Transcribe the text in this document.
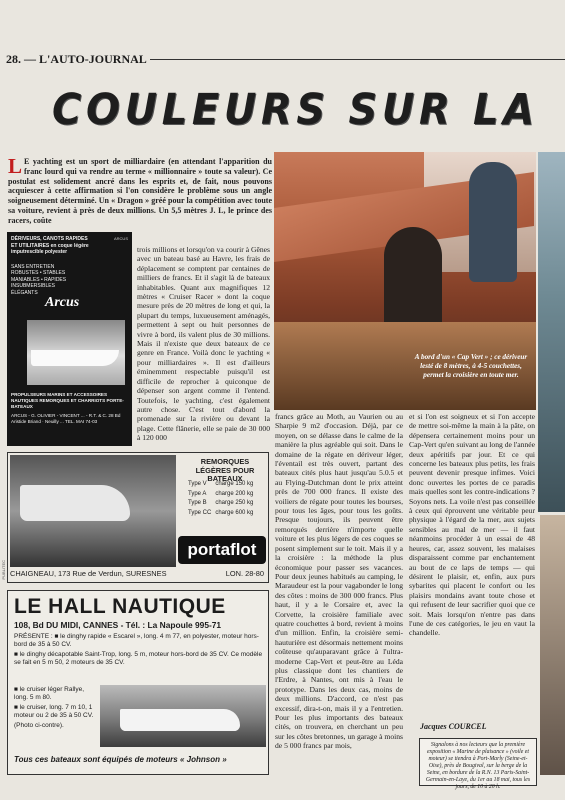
28. — L'AUTO-JOURNAL
COULEURS SUR LA
L E yachting est un sport de milliardaire (en attendant l'apparition du franc lourd qui va rendre au terme « millionnaire » toute sa valeur). Ce postulat est solidement ancré dans les esprits et, de fait, nous pouvons acquiescer à cette affirmation si l'on considère le problème sous un angle soigneusement déterminé. Un « Dragon » gréé pour la compétition avec toute sa voiture, revient à près de deux millions. Un 5,5 mètres J. L, le prince des racers, coûte
DÉRIVEURS, CANOTS RAPIDES ET UTILITAIRES en coque légère imputrescible polyester
ARCUS
SANS ENTRETIEN
ROBUSTES • STABLES
MANIABLES • RAPIDES
INSUBMERSIBLES
ÉLÉGANTS
Arcus
PROPULSEURS MARINS ET ACCESSOIRES NAUTIQUES REMORQUES ET CHARRIOTS PORTE-BATEAUX
ARCUS - G. OLIVIER - VINCENT ... - R.T. & C. 28 Bd Aristide Briand · Neuilly ... TEL. MAI 74-03
trois millions et lorsqu'on va courir à Gênes avec un bateau basé au Havre, les frais de déplacement se comptent par centaines de milliers de francs. Et il s'agit là de bateaux inhabitables. Quant aux magnifiques 12 mètres « Cruiser Racer » dont la coque mesure près de 20 mètres de long et qui, la plupart du temps, luxueusement aménagés, permettent à sept ou huit personnes de vivre à bord, ils valent plus de 30 millions. Mais il n'existe que deux bateaux de ce genre en France. Voilà donc le yachting « pour milliardaires ». Il est d'ailleurs éminemment respectable puisqu'il est difficile de reprocher à quiconque de dépenser son argent comme il l'entend. Toutefois, le yachting, c'est également autre chose. C'est tout d'abord la promenade sur la rivière ou devant la plage. Cette flânerie, elle se paie de 30 000 à 120 000
A bord d'un « Cap Vert » ; ce dériveur lesté de 8 mètres, à 4-5 couchettes, permet la croisière en toute mer.
francs grâce au Moth, au Vaurien ou au Sharpie 9 m2 d'occasion. Déjà, par ce moyen, on se délasse dans le calme de la manière la plus agréable qui soit. Dans le domaine de la régate en dériveur léger, l'éventail est très ouvert, partant des bateaux cités plus haut jusqu'au 5.0.5 et au Flying-Dutchman dont le prix atteint près de 700 000 francs. Il existe des voiliers de régate pour toutes les bourses, pour tous les âges, pour tous les goûts. Presque toujours, ils peuvent être remorqués derrière n'importe quelle voiture et les plus légers de ces coques se posent simplement sur le toit. Mais il y a la croisière : la méthode la plus économique pour passer ses vacances. Pour deux jeunes habitués au camping, le Maraudeur est la pour vagabonder le long des côtes : moins de 300 000 francs. Plus haut, il y a le Corsaire et, avec la Corvette, la croisière familiale avec quatre couchettes à bord, revient à moins d'un million. Enfin, la croisière semi-hauturière est désormais nettement moins coûteuse qu'auparavant grâce à l'ultra-moderne Cap-Vert et peut-être au Léda plus classique dont les chantiers de l'Erdre, à Nantes, ont mis à l'eau le prototype. Dans les deux cas, moins de deux millions. D'accord, ce n'est pas excessif, dira-t-on, mais il y a l'entretien. Pour les plus importants des bateaux cités, on trouvera, en cherchant un peu sur les côtes bretonnes, un garage à moins de 5 000 francs par mois,
et si l'on est soigneux et si l'on accepte de mettre soi-même la main à la pâte, on dépensera certainement moins pour un Cap-Vert qu'en suivant au long de l'année deux apéritifs par jour. Et ce qui concerne les bateaux plus petits, les frais peuvent devenir presque infimes. Voici donc ouvertes les portes de ce paradis mais quelles sont les contre-indications ? Soyons nets. La voile n'est pas conseillée à ceux qui éprouvent une véritable peur physique à l'égard de la mer, aux sujets sensibles au mal de mer — il faut néanmoins procéder à un essai de 48 heures, car, assez souvent, les malaises disparaissent comme par enchantement au bout de ce laps de temps — qui désirent le plaisir, et, enfin, aux purs sybarites qui placent le confort ou les plaisirs mondains avant toute chose et qui refusent de leur sacrifier quoi que ce soit. Mais lorsqu'on n'entre pas dans l'une de ces catégories, le jeu en vaut la chandelle.
REMORQUES LÉGÈRES POUR BATEAUX
Type V	charge 150 kg
Type A	charge 200 kg
Type B	charge 250 kg
Type CC	charge 600 kg
portaflot
CHAIGNEAU, 173 Rue de Verdun, SURESNES	LON. 28-80
PUBLITEC
LE HALL NAUTIQUE
108, Bd DU MIDI, CANNES - Tél. : La Napoule 995-71
PRÉSENTE : ■ le dinghy rapide « Escarel », long. 4 m 77, en polyester, moteur hors-bord de 35 à 50 CV.
■ le dinghy décapotable Saint-Trop, long. 5 m, moteur hors-bord de 35 CV. Ce modèle se fait en 5 m 50, 2 moteurs de 35 CV.
■ le cruiser léger Rallye, long. 5 m 80.
■ le cruiser, long. 7 m 10, 1 moteur ou 2 de 35 à 50 CV.
(Photo ci-contre).
Tous ces bateaux sont équipés de moteurs « Johnson »
Jacques COURCEL
Signalons à nos lecteurs que la première exposition « Marine de plaisance » (voile et moteur) se tiendra à Port-Marly (Seine-et-Oise), près de Bougival, sur la berge de la Seine, en bordure de la R.N. 13 Paris-Saint-Germain-en-Laye, du 1er au 18 mai, tous les jours, de 10 à 20 h.
